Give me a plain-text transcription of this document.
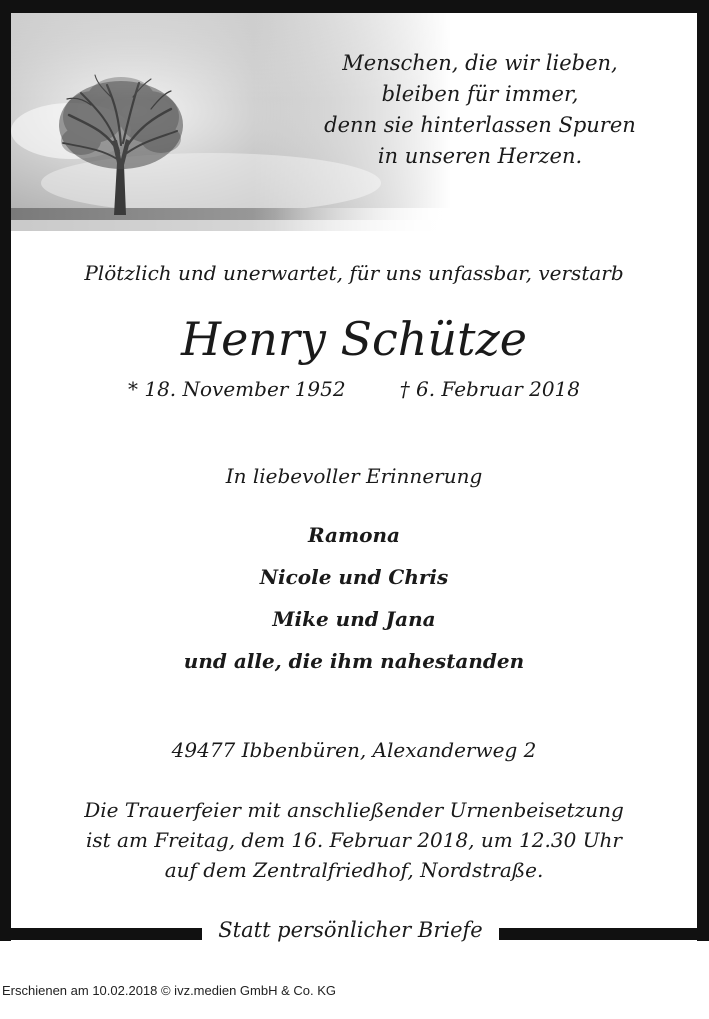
Menschen, die wir lieben,
bleiben für immer,
denn sie hinterlassen Spuren
in unseren Herzen.
Plötzlich und unerwartet, für uns unfassbar, verstarb
Henry Schütze
* 18. November 1952	† 6. Februar 2018
In liebevoller Erinnerung
Ramona
Nicole und Chris
Mike und Jana
und alle, die ihm nahestanden
49477 Ibbenbüren, Alexanderweg 2
Die Trauerfeier mit anschließender Urnenbeisetzung
ist am Freitag, dem 16. Februar 2018, um 12.30 Uhr
auf dem Zentralfriedhof, Nordstraße.
Statt persönlicher Briefe
Erschienen am 10.02.2018 © ivz.medien GmbH & Co. KG
